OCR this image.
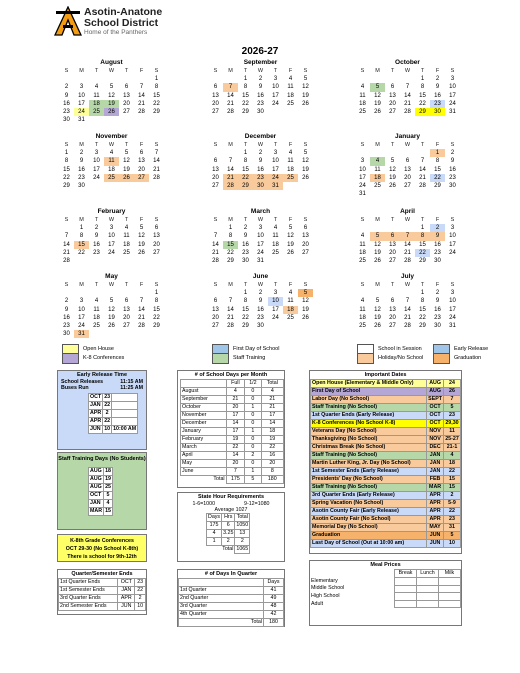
Asotin-Anatone
School District
Home of the Panthers
2026-27
August
S	M	T	W	T	F	S
						1
2	3	4	5	6	7	8
9	10	11	12	13	14	15
16	17	18	19	20	21	22
23	24	25	26	27	28	29
30	31					
September
S	M	T	W	T	F	S
		1	2	3	4	5
6	7	8	9	10	11	12
13	14	15	16	17	18	19
20	21	22	23	24	25	26
27	28	29	30			
October
S	M	T	W	T	F	S
				1	2	3
4	5	6	7	8	9	10
11	12	13	14	15	16	17
18	19	20	21	22	23	24
25	26	27	28	29	30	31
November
S	M	T	W	T	F	S
1	2	3	4	5	6	7
8	9	10	11	12	13	14
15	16	17	18	19	20	21
22	23	24	25	26	27	28
29	30					
December
S	M	T	W	T	F	S
		1	2	3	4	5
6	7	8	9	10	11	12
13	14	15	16	17	18	19
20	21	22	23	24	25	26
27	28	29	30	31		
January
S	M	T	W	T	F	S
					1	2
3	4	5	6	7	8	9
10	11	12	13	14	15	16
17	18	19	20	21	22	23
24	25	26	27	28	29	30
31						
February
S	M	T	W	T	F	S
	1	2	3	4	5	6
7	8	9	10	11	12	13
14	15	16	17	18	19	20
21	22	23	24	25	26	27
28						
March
S	M	T	W	T	F	S
	1	2	3	4	5	6
7	8	9	10	11	12	13
14	15	16	17	18	19	20
21	22	23	24	25	26	27
28	29	30	31			
April
S	M	T	W	T	F	S
				1	2	3
4	5	6	7	8	9	10
11	12	13	14	15	16	17
18	19	20	21	22	23	24
25	26	27	28	29	30	
May
S	M	T	W	T	F	S
						1
2	3	4	5	6	7	8
9	10	11	12	13	14	15
16	17	18	19	20	21	22
23	24	25	26	27	28	29
30	31					
June
S	M	T	W	T	F	S
		1	2	3	4	5
6	7	8	9	10	11	12
13	14	15	16	17	18	19
20	21	22	23	24	25	26
27	28	29	30			
July
S	M	T	W	T	F	S
				1	2	3
4	5	6	7	8	9	10
11	12	13	14	15	16	17
18	19	20	21	22	23	24
25	26	27	28	29	30	31
Open House
K-8 Conferences
First Day of School
Staff Training
School in Session
Holiday/No School
Early Release
Graduation
Early Release Time
School Releases	11:15 AM
Buses Run	11:25 AM
OCT	23	
JAN	22	
APR	2	
APR	22	
JUN	10	10:00 AM
Staff Training Days (No Students)
AUG	18
AUG	19
AUG	25
OCT	5
JAN	4
MAR	15
K-8th Grade Conferences
OCT 29-30 (No School K-8th)
There is school for 9th-12th
# of School Days per Month
	Full	1/2	Total
August	4	0	4
September	21	0	21
October	20	1	21
November	17	0	17
December	14	0	14
January	17	1	18
February	19	0	19
March	22	0	22
April	14	2	16
May	20	0	20
June	7	1	8
Total	175	5	180
State Hour Requirements
1-6=1000	9-12=1080
Average 1027
Days	Hrs	Total
175	6	1050
4	3.25	13
1	2	2
Total		1065
Important Dates
Open House (Elementary & Middle Only)	AUG	24
First Day of School	AUG	26
Labor Day (No School)	SEPT	7
Staff Training (No School)	OCT	5
1st Quarter Ends (Early Release)	OCT	23
K-8 Conferences (No School K-8)	OCT	29,30
Veterans Day (No School)	NOV	11
Thanksgiving (No School)	NOV	25-27
Christmas Break (No School)	DEC	21-1
Staff Training (No School)	JAN	4
Martin Luther King, Jr. Day (No School)	JAN	18
1st Semester Ends (Early Release)	JAN	22
Presidents' Day (No School)	FEB	15
Staff Training (No School)	MAR	15
3rd Quarter Ends (Early Release)	APR	2
Spring Vacation (No School)	APR	5-9
Asotin County Fair (Early Release)	APR	22
Asotin County Fair (No School)	APR	23
Memorial Day (No School)	MAY	31
Graduation	JUN	5
Last Day of School (Out at 10:00 am)	JUN	10
Quarter/Semester Ends
1st Quarter Ends	OCT	23
1st Semester Ends	JAN	22
3rd Quarter Ends	APR	2
2nd Semester Ends	JUN	10
# of Days In Quarter
	Days
1st Quarter	41
2nd Quarter	49
3rd Quarter	48
4th Quarter	42
Total	180
Meal Prices
	Break	Lunch	Milk
Elementary			
Middle School			
High School			
Adult			
